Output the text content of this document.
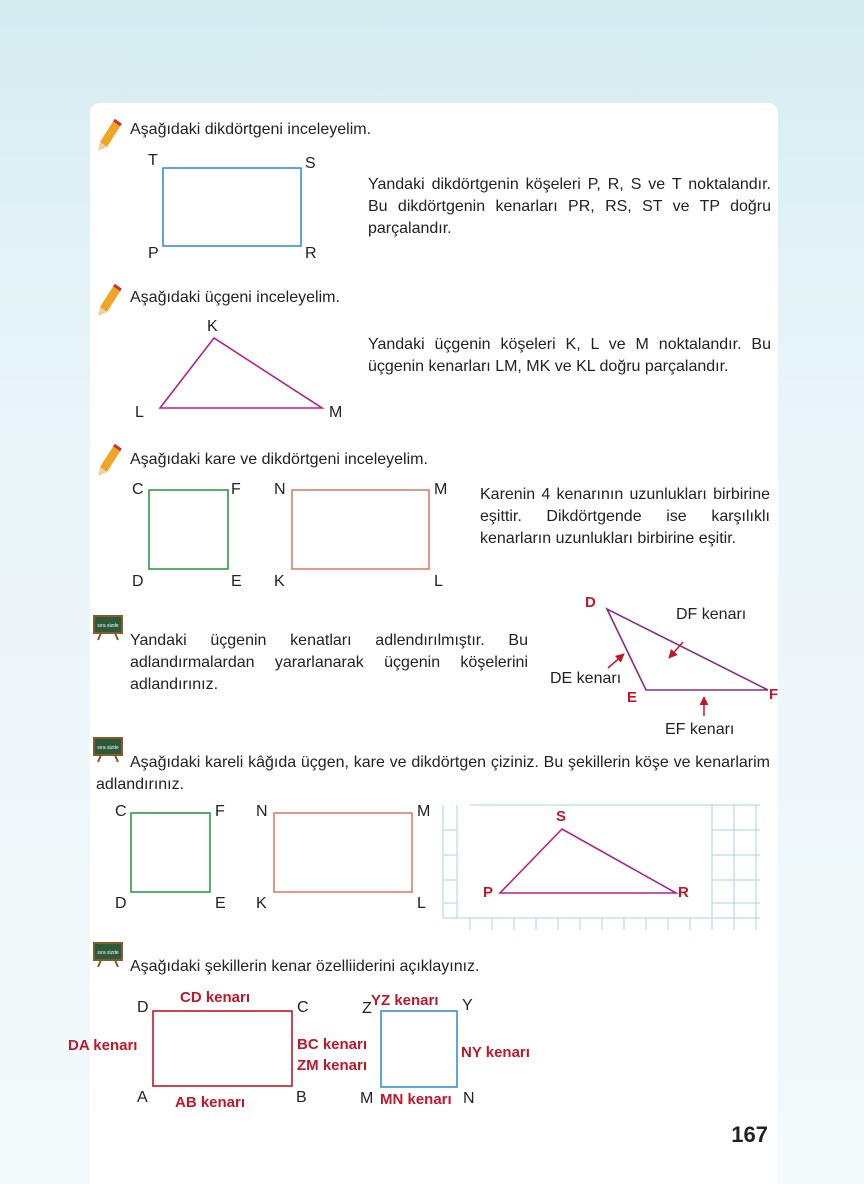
Aşağıdaki dikdörtgeni inceleyelim.
T	S
P	R
Yandaki dikdörtgenin köşeleri P, R, S ve T noktalandır. Bu dikdörtgenin kenarları PR, RS, ST ve TP doğru parçalandır.
Aşağıdaki üçgeni inceleyelim.
K
L	M
Yandaki üçgenin köşeleri K, L ve M noktalandır. Bu üçgenin kenarları LM, MK ve KL doğru parçalandır.
Aşağıdaki kare ve dikdörtgeni inceleyelim.
C	F N	M
D	E K	L
Karenin 4 kenarının uzunlukları birbirine eşittir. Dikdörtgende ise karşılıklı kenarların uzunlukları birbirine eşitir.
sıra sizde
Yandaki üçgenin kenatları adlendırılmıştır. Bu adlandırmalardan yararlanarak üçgenin köşelerini adlandırınız.
D
E	F
DF kenarı
DE kenarı
EF kenarı
sıra sizde
Aşağıdaki kareli kâğıda üçgen, kare ve dikdörtgen çiziniz. Bu şekillerin köşe ve kenarlarim adlandırınız.
C	F N	M
D	E K	L
S
P	R
sıra sizde
Aşağıdaki şekillerin kenar özelliiderini açıklayınız.
D	C
A	B
Z	Y
M	N
CD kenarı
DA kenarı	BC kenarı
ZM kenarı
AB kenarı
YZ kenarı
NY kenarı
MN kenarı
167
